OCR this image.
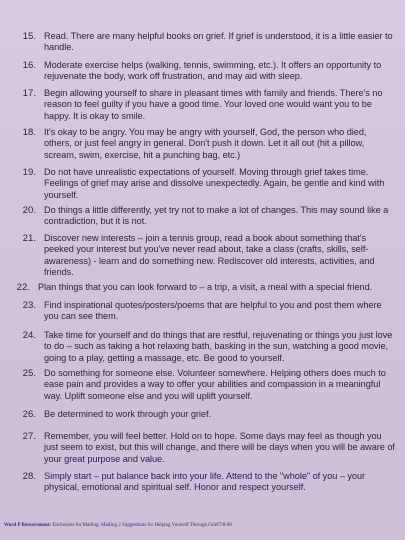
15. Read. There are many helpful books on grief. If grief is understood, it is a little easier to handle.
16. Moderate exercise helps (walking, tennis, swimming, etc.). It offers an opportunity to rejuvenate the body, work off frustration, and may aid with sleep.
17. Begin allowing yourself to share in pleasant times with family and friends. There's no reason to feel guilty if you have a good time. Your loved one would want you to be happy. It is okay to smile.
18. It's okay to be angry. You may be angry with yourself, God, the person who died, others, or just feel angry in general. Don't push it down. Let it all out (hit a pillow, scream, swim, exercise, hit a punching bag, etc.)
19. Do not have unrealistic expectations of yourself. Moving through grief takes time. Feelings of grief may arise and dissolve unexpectedly. Again, be gentle and kind with yourself.
20. Do things a little differently, yet try not to make a lot of changes. This may sound like a contradiction, but it is not.
21. Discover new interests – join a tennis group, read a book about something that's peeked your interest but you've never read about, take a class (crafts, skills, self-awareness) - learn and do something new. Rediscover old interests, activities, and friends.
22. Plan things that you can look forward to – a trip, a visit, a meal with a special friend.
23. Find inspirational quotes/posters/poems that are helpful to you and post them where you can see them.
24. Take time for yourself and do things that are restful, rejuvenating or things you just love to do – such as taking a hot relaxing bath, basking in the sun, watching a good movie, going to a play, getting a massage, etc. Be good to yourself.
25. Do something for someone else. Volunteer somewhere. Helping others does much to ease pain and provides a way to offer your abilities and compassion in a meaningful way. Uplift someone else and you will uplift yourself.
26. Be determined to work through your grief.
27. Remember, you will feel better. Hold on to hope. Some days may feel as though you just seem to exist, but this will change, and there will be days when you will be aware of your great purpose and value.
28. Simply start – put balance back into your life. Attend to the "whole" of you – your physical, emotional and spiritual self. Honor and respect yourself.
Word P Bereavement: Enclosures for Mailing: Mailing 2 Suggestions for Helping Yourself Through Grief7/8-06
